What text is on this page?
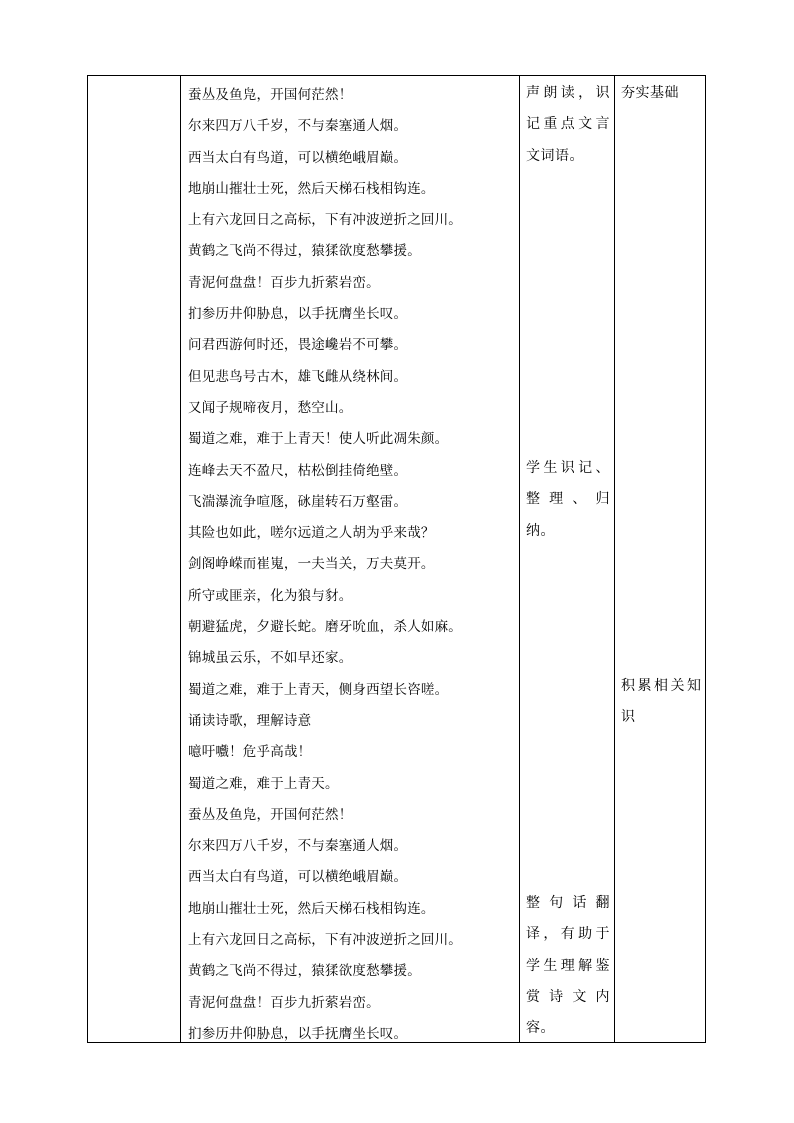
蚕丛及鱼凫，开国何茫然！
尔来四万八千岁，不与秦塞通人烟。
西当太白有鸟道，可以横绝峨眉巅。
地崩山摧壮士死，然后天梯石栈相钩连。
上有六龙回日之高标，下有冲波逆折之回川。
黄鹤之飞尚不得过，猿猱欲度愁攀援。
青泥何盘盘！百步九折萦岩峦。
扪参历井仰胁息，以手抚膺坐长叹。
问君西游何时还，畏途巉岩不可攀。
但见悲鸟号古木，雄飞雌从绕林间。
又闻子规啼夜月，愁空山。
蜀道之难，难于上青天！使人听此凋朱颜。
连峰去天不盈尺，枯松倒挂倚绝壁。
飞湍瀑流争喧豗，砯崖转石万壑雷。
其险也如此，嗟尔远道之人胡为乎来哉？
剑阁峥嵘而崔嵬，一夫当关，万夫莫开。
所守或匪亲，化为狼与豺。
朝避猛虎，夕避长蛇。磨牙吮血，杀人如麻。
锦城虽云乐，不如早还家。
蜀道之难，难于上青天，侧身西望长咨嗟。
诵读诗歌，理解诗意
噫吁嚱！危乎高哉！
蜀道之难，难于上青天。
蚕丛及鱼凫，开国何茫然！
尔来四万八千岁，不与秦塞通人烟。
西当太白有鸟道，可以横绝峨眉巅。
地崩山摧壮士死，然后天梯石栈相钩连。
上有六龙回日之高标，下有冲波逆折之回川。
黄鹤之飞尚不得过，猿猱欲度愁攀援。
青泥何盘盘！百步九折萦岩峦。
扪参历井仰胁息，以手抚膺坐长叹。
声朗读，识记重点文言文词语。
学生识记、整理、归纳。
整句话翻译，有助于学生理解鉴赏诗文内容。
夯实基础
积累相关知识
